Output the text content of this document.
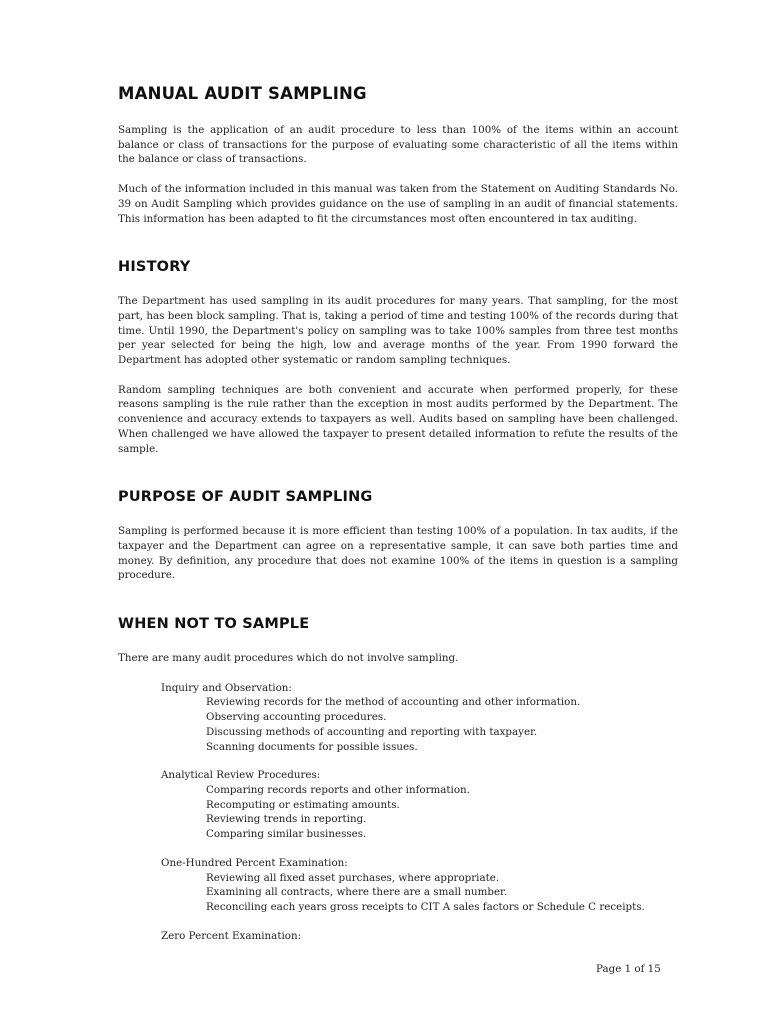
MANUAL AUDIT SAMPLING

Sampling is the application of an audit procedure to less than 100% of the items within an account balance or class of transactions for the purpose of evaluating some characteristic of all the items within the balance or class of transactions.

Much of the information included in this manual was taken from the Statement on Auditing Standards No. 39 on Audit Sampling which provides guidance on the use of sampling in an audit of financial statements. This information has been adapted to fit the circumstances most often encountered in tax auditing.

HISTORY

The Department has used sampling in its audit procedures for many years. That sampling, for the most part, has been block sampling. That is, taking a period of time and testing 100% of the records during that time. Until 1990, the Department's policy on sampling was to take 100% samples from three test months per year selected for being the high, low and average months of the year. From 1990 forward the Department has adopted other systematic or random sampling techniques.

Random sampling techniques are both convenient and accurate when performed properly, for these reasons sampling is the rule rather than the exception in most audits performed by the Department. The convenience and accuracy extends to taxpayers as well. Audits based on sampling have been challenged. When challenged we have allowed the taxpayer to present detailed information to refute the results of the sample.

PURPOSE OF AUDIT SAMPLING

Sampling is performed because it is more efficient than testing 100% of a population. In tax audits, if the taxpayer and the Department can agree on a representative sample, it can save both parties time and money. By definition, any procedure that does not examine 100% of the items in question is a sampling procedure.

WHEN NOT TO SAMPLE

There are many audit procedures which do not involve sampling.

Inquiry and Observation:
Reviewing records for the method of accounting and other information.
Observing accounting procedures.
Discussing methods of accounting and reporting with taxpayer.
Scanning documents for possible issues.
Analytical Review Procedures:
Comparing records reports and other information.
Recomputing or estimating amounts.
Reviewing trends in reporting.
Comparing similar businesses.
One-Hundred Percent Examination:
Reviewing all fixed asset purchases, where appropriate.
Examining all contracts, where there are a small number.
Reconciling each years gross receipts to CIT A sales factors or Schedule C receipts.
Zero Percent Examination:
Page 1 of 15
